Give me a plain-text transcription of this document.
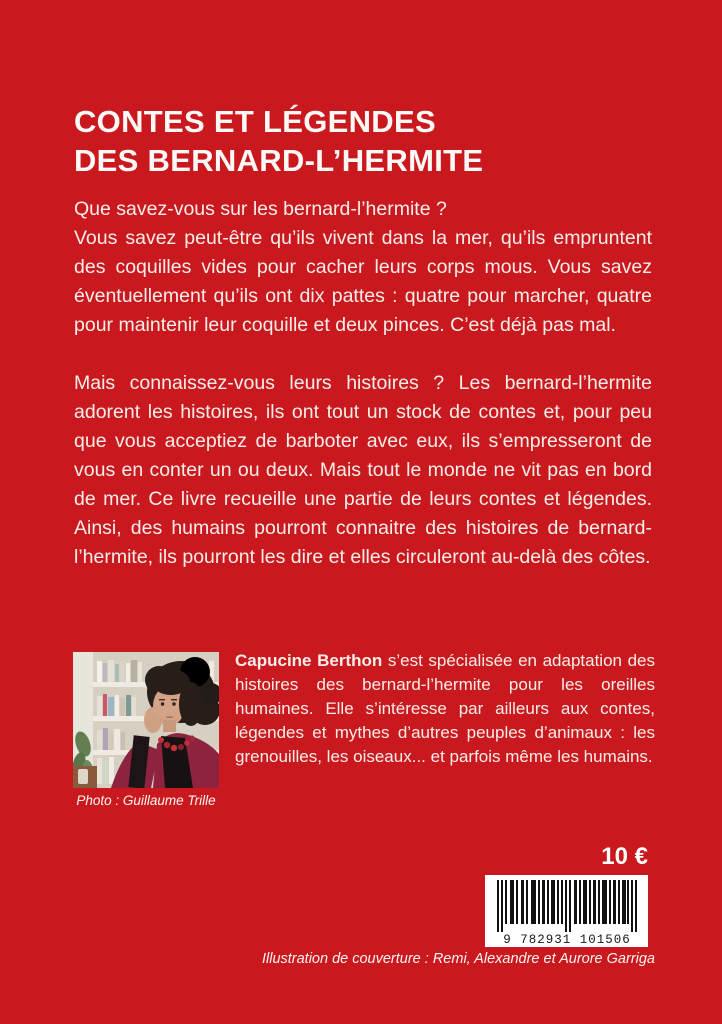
CONTES ET LÉGENDES
DES BERNARD-L’HERMITE

Que savez-vous sur les bernard-l’hermite ?

Vous savez peut-être qu’ils vivent dans la mer, qu’ils empruntent des coquilles vides pour cacher leurs corps mous. Vous savez éventuellement qu’ils ont dix pattes : quatre pour marcher, quatre pour maintenir leur coquille et deux pinces. C’est déjà pas mal.

Mais connaissez-vous leurs histoires ? Les bernard-l’hermite adorent les histoires, ils ont tout un stock de contes et, pour peu que vous acceptiez de barboter avec eux, ils s’empresseront de vous en conter un ou deux. Mais tout le monde ne vit pas en bord de mer. Ce livre recueille une partie de leurs contes et légendes. Ainsi, des humains pourront connaitre des histoires de bernard-l’hermite, ils pourront les dire et elles circuleront au-delà des côtes.

Photo : Guillaume Trille

Capucine Berthon s’est spécialisée en adaptation des histoires des bernard-l’hermite pour les oreilles humaines. Elle s’intéresse par ailleurs aux contes, légendes et mythes d’autres peuples d’animaux : les grenouilles, les oiseaux... et parfois même les humains.

10 €
9 782931 101506
Illustration de couverture : Remi, Alexandre et Aurore Garriga
